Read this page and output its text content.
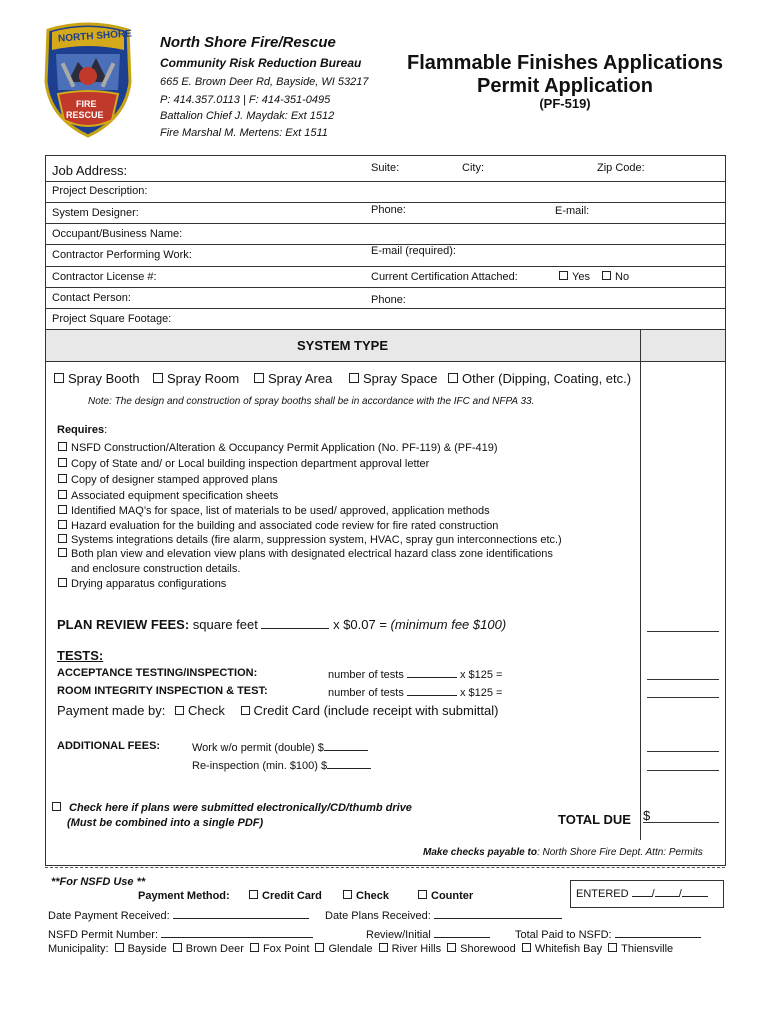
NORTH SHORE
FIRE
RESCUE
North Shore Fire/Rescue
Community Risk Reduction Bureau
665 E. Brown Deer Rd, Bayside, WI 53217
P: 414.357.0113 | F: 414-351-0495
Battalion Chief J. Maydak: Ext 1512
Fire Marshal M. Mertens: Ext 1511
Flammable Finishes Applications
Permit Application
(PF-519)
Job Address:	Suite:	City:	Zip Code:
Project Description:
System Designer:	Phone:	E-mail:
Occupant/Business Name:
Contractor Performing Work:	E-mail (required):
Contractor License #:	Current Certification Attached:	Yes	No
Contact Person:	Phone:
Project Square Footage:
SYSTEM TYPE
Spray Booth	Spray Room	Spray Area	Spray Space	Other (Dipping, Coating, etc.)
Note: The design and construction of spray booths shall be in accordance with the IFC and NFPA 33.
Requires:
NSFD Construction/Alteration & Occupancy Permit Application (No. PF-119) & (PF-419)
Copy of State and/ or Local building inspection department approval letter
Copy of designer stamped approved plans
Associated equipment specification sheets
Identified MAQ’s for space, list of materials to be used/ approved, application methods
Hazard evaluation for the building and associated code review for fire rated construction
Systems integrations details (fire alarm, suppression system, HVAC, spray gun interconnections etc.)
Both plan view and elevation view plans with designated electrical hazard class zone identifications
and enclosure construction details.
Drying apparatus configurations
PLAN REVIEW FEES: square feet	x $0.07 = (minimum fee $100)
TESTS:
ACCEPTANCE TESTING/INSPECTION:	number of tests	x $125 =
ROOM INTEGRITY INSPECTION & TEST:	number of tests	x $125 =
Payment made by: Check Credit Card (include receipt with submittal)
ADDITIONAL FEES:	Work w/o permit (double) $
Re-inspection (min. $100) $
Check here if plans were submitted electronically/CD/thumb drive
(Must be combined into a single PDF)	TOTAL DUE $
Make checks payable to: North Shore Fire Dept. Attn: Permits
**For NSFD Use **
Payment Method:	Credit Card	Check	Counter	ENTERED / /
Date Payment Received:	Date Plans Received:
NSFD Permit Number:	Review/Initial	Total Paid to NSFD:
Municipality: Bayside Brown Deer Fox Point Glendale River Hills Shorewood Whitefish Bay Thiensville
